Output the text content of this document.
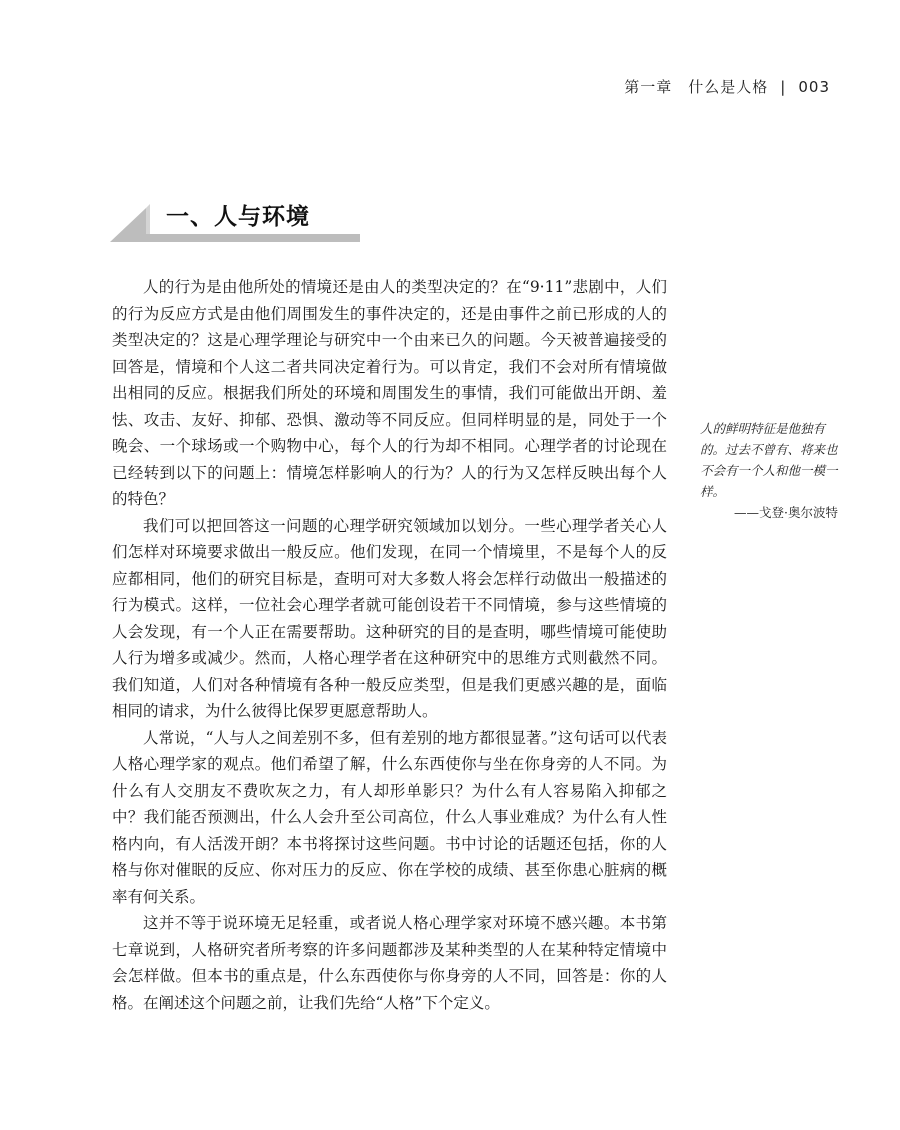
第一章　什么是人格 | 003
一、人与环境

人的行为是由他所处的情境还是由人的类型决定的？在“9·11”悲剧中，人们的行为反应方式是由他们周围发生的事件决定的，还是由事件之前已形成的人的类型决定的？这是心理学理论与研究中一个由来已久的问题。今天被普遍接受的回答是，情境和个人这二者共同决定着行为。可以肯定，我们不会对所有情境做出相同的反应。根据我们所处的环境和周围发生的事情，我们可能做出开朗、羞怯、攻击、友好、抑郁、恐惧、激动等不同反应。但同样明显的是，同处于一个晚会、一个球场或一个购物中心，每个人的行为却不相同。心理学者的讨论现在已经转到以下的问题上：情境怎样影响人的行为？人的行为又怎样反映出每个人的特色？

我们可以把回答这一问题的心理学研究领域加以划分。一些心理学者关心人们怎样对环境要求做出一般反应。他们发现，在同一个情境里，不是每个人的反应都相同，他们的研究目标是，查明可对大多数人将会怎样行动做出一般描述的行为模式。这样，一位社会心理学者就可能创设若干不同情境，参与这些情境的人会发现，有一个人正在需要帮助。这种研究的目的是查明，哪些情境可能使助人行为增多或减少。然而，人格心理学者在这种研究中的思维方式则截然不同。我们知道，人们对各种情境有各种一般反应类型，但是我们更感兴趣的是，面临相同的请求，为什么彼得比保罗更愿意帮助人。

人常说，“人与人之间差别不多，但有差别的地方都很显著。”这句话可以代表人格心理学家的观点。他们希望了解，什么东西使你与坐在你身旁的人不同。为什么有人交朋友不费吹灰之力，有人却形单影只？为什么有人容易陷入抑郁之中？我们能否预测出，什么人会升至公司高位，什么人事业难成？为什么有人性格内向，有人活泼开朗？本书将探讨这些问题。书中讨论的话题还包括，你的人格与你对催眠的反应、你对压力的反应、你在学校的成绩、甚至你患心脏病的概率有何关系。

这并不等于说环境无足轻重，或者说人格心理学家对环境不感兴趣。本书第七章说到，人格研究者所考察的许多问题都涉及某种类型的人在某种特定情境中会怎样做。但本书的重点是，什么东西使你与你身旁的人不同，回答是：你的人格。在阐述这个问题之前，让我们先给“人格”下个定义。

人的鲜明特征是他独有的。过去不曾有、将来也不会有一个人和他一模一样。
——戈登·奥尔波特
